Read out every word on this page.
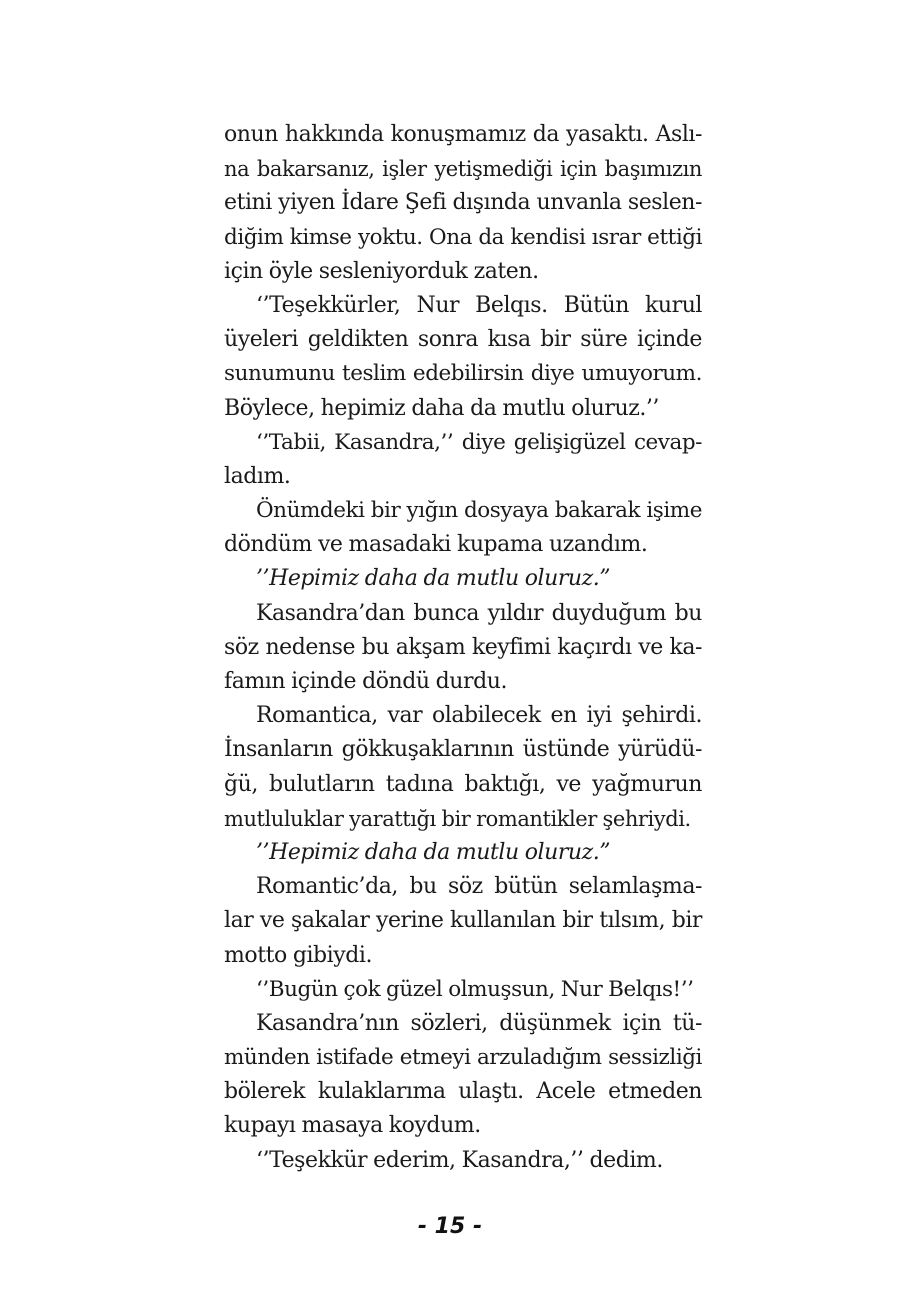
onun hakkında konuşmamız da yasaktı. Aslı-
na bakarsanız, işler yetişmediği için başımızın
etini yiyen İdare Şefi dışında unvanla seslen-
diğim kimse yoktu. Ona da kendisi ısrar ettiği
için öyle sesleniyorduk zaten.
‘’Teşekkürler, Nur Belqıs. Bütün kurul
üyeleri geldikten sonra kısa bir süre içinde
sunumunu teslim edebilirsin diye umuyorum.
Böylece, hepimiz daha da mutlu oluruz.’’
‘’Tabii, Kasandra,’’ diye gelişigüzel cevap-
ladım.
Önümdeki bir yığın dosyaya bakarak işime
döndüm ve masadaki kupama uzandım.
’’Hepimiz daha da mutlu oluruz.”
Kasandra’dan bunca yıldır duyduğum bu
söz nedense bu akşam keyfimi kaçırdı ve ka-
famın içinde döndü durdu.
Romantica, var olabilecek en iyi şehirdi.
İnsanların gökkuşaklarının üstünde yürüdü-
ğü, bulutların tadına baktığı, ve yağmurun
mutluluklar yarattığı bir romantikler şehriydi.
’’Hepimiz daha da mutlu oluruz.”
Romantic’da, bu söz bütün selamlaşma-
lar ve şakalar yerine kullanılan bir tılsım, bir
motto gibiydi.
‘’Bugün çok güzel olmuşsun, Nur Belqıs!’’
Kasandra’nın sözleri, düşünmek için tü-
münden istifade etmeyi arzuladığım sessizliği
bölerek kulaklarıma ulaştı. Acele etmeden
kupayı masaya koydum.
‘’Teşekkür ederim, Kasandra,’’ dedim.
- 15 -
